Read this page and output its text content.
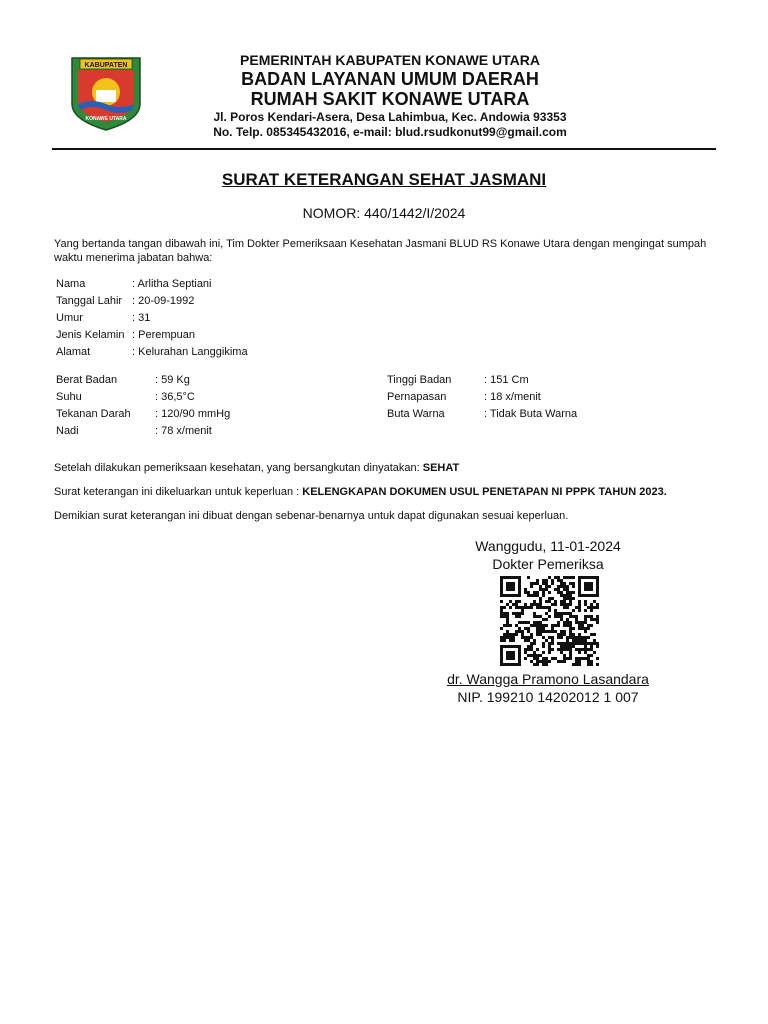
KABUPATEN
KONAWE UTARA
PEMERINTAH KABUPATEN KONAWE UTARA
BADAN LAYANAN UMUM DAERAH
RUMAH SAKIT KONAWE UTARA
Jl. Poros Kendari-Asera, Desa Lahimbua, Kec. Andowia 93353
No. Telp. 085345432016, e-mail: blud.rsudkonut99@gmail.com
SURAT KETERANGAN SEHAT JASMANI
NOMOR: 440/1442/I/2024
Yang bertanda tangan dibawah ini, Tim Dokter Pemeriksaan Kesehatan Jasmani BLUD RS Konawe Utara dengan mengingat sumpah waktu menerima jabatan bahwa:
Nama	: Arlitha Septiani
Tanggal Lahir : 20-09-1992
Umur	: 31
Jenis Kelamin : Perempuan
Alamat	: Kelurahan Langgikima
Berat Badan	: 59 Kg
Suhu	: 36,5°C
Tekanan Darah : 120/90 mmHg
Nadi	: 78 x/menit
Tinggi Badan	: 151 Cm
Pernapasan	: 18 x/menit
Buta Warna	: Tidak Buta Warna
Setelah dilakukan pemeriksaan kesehatan, yang bersangkutan dinyatakan: SEHAT
Surat keterangan ini dikeluarkan untuk keperluan : KELENGKAPAN DOKUMEN USUL PENETAPAN NI PPPK TAHUN 2023.
Demikian surat keterangan ini dibuat dengan sebenar-benarnya untuk dapat digunakan sesuai keperluan.
Wanggudu, 11-01-2024
Dokter Pemeriksa
dr. Wangga Pramono Lasandara
NIP. 199210 14202012 1 007
